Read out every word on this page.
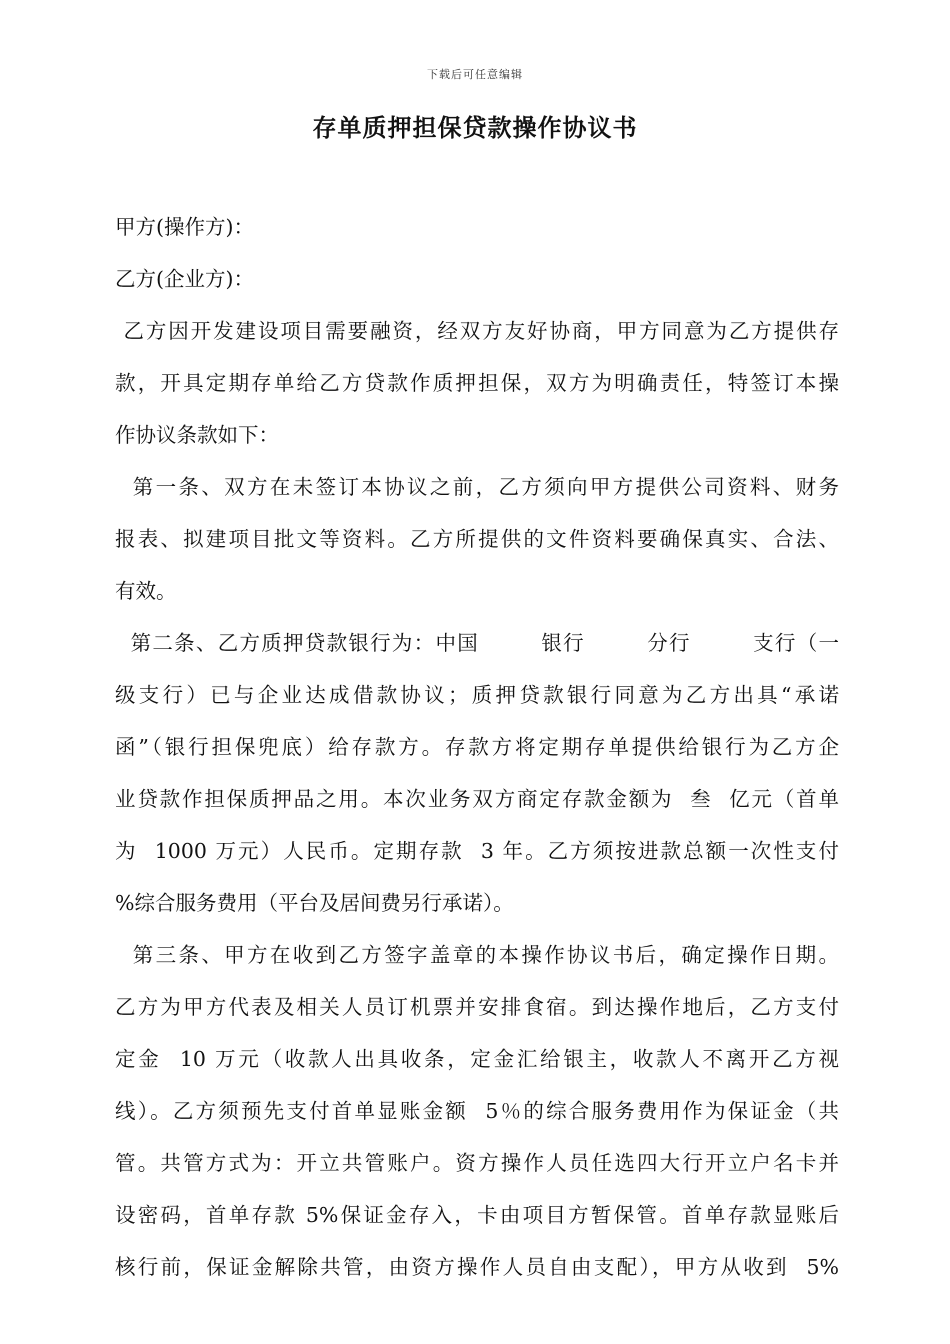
下载后可任意编辑
存单质押担保贷款操作协议书
甲方(操作方)：
乙方(企业方)：
乙方因开发建设项目需要融资，经双方友好协商，甲方同意为乙方提供存
款，开具定期存单给乙方贷款作质押担保，双方为明确责任，特签订本操
作协议条款如下：
第一条、双方在未签订本协议之前，乙方须向甲方提供公司资料、财务
报表、拟建项目批文等资料。乙方所提供的文件资料要确保真实、合法、
有效。
第二条、乙方质押贷款银行为：中国        银行        分行        支行（一
级支行）已与企业达成借款协议；质押贷款银行同意为乙方出具“承诺
函”（银行担保兜底）给存款方。存款方将定期存单提供给银行为乙方企
业贷款作担保质押品之用。本次业务双方商定存款金额为  叁  亿元（首单
为  1000 万元）人民币。定期存款  3 年。乙方须按进款总额一次性支付
%综合服务费用（平台及居间费另行承诺）。
第三条、甲方在收到乙方签字盖章的本操作协议书后，确定操作日期。
乙方为甲方代表及相关人员订机票并安排食宿。到达操作地后，乙方支付
定金  10 万元（收款人出具收条，定金汇给银主，收款人不离开乙方视
线）。乙方须预先支付首单显账金额  5％的综合服务费用作为保证金（共
管。共管方式为：开立共管账户。资方操作人员任选四大行开立户名卡并
设密码，首单存款 5%保证金存入，卡由项目方暂保管。首单存款显账后
核行前，保证金解除共管，由资方操作人员自由支配），甲方从收到  5%
